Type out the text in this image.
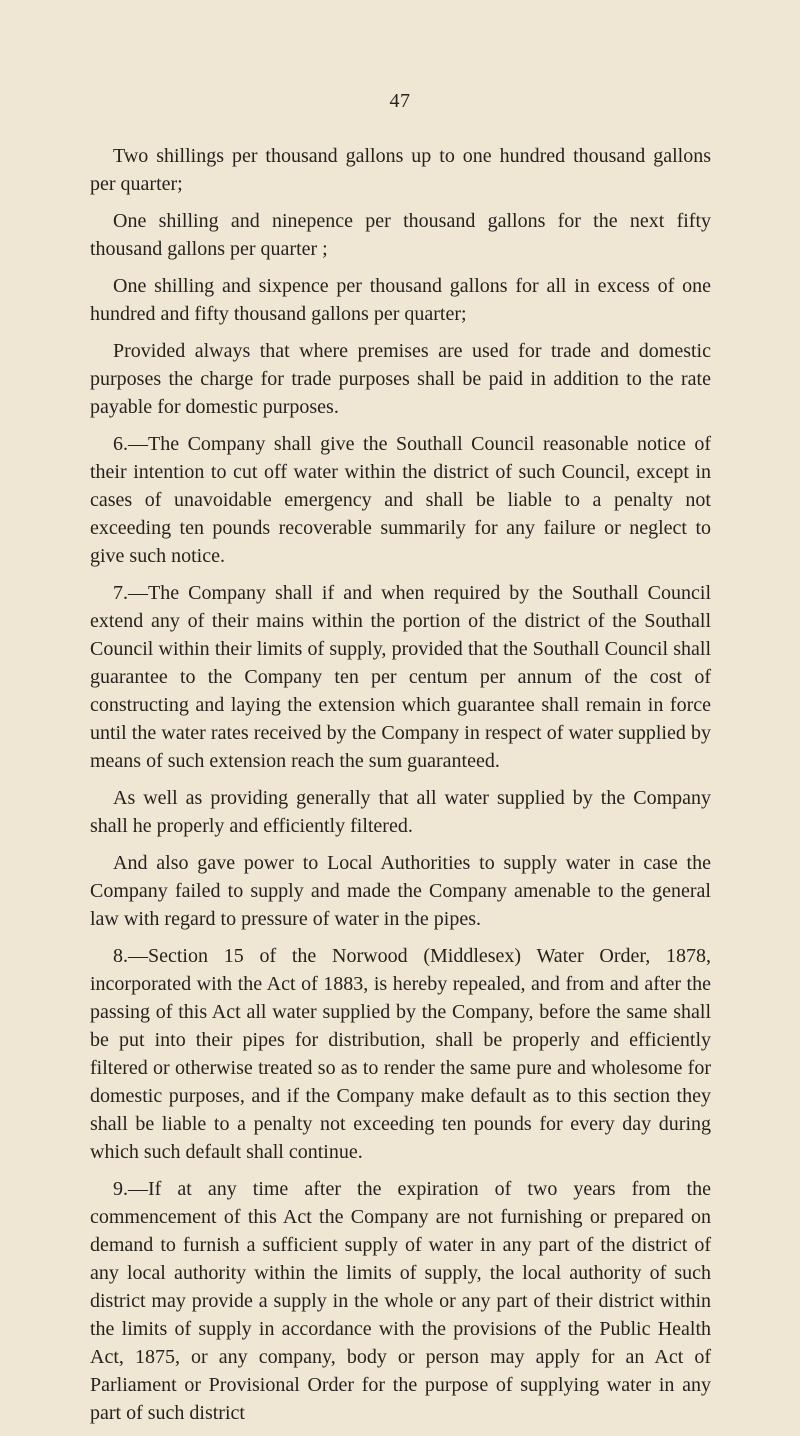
47

Two shillings per thousand gallons up to one hundred thousand gallons per quarter;

One shilling and ninepence per thousand gallons for the next fifty thousand gallons per quarter ;

One shilling and sixpence per thousand gallons for all in excess of one hundred and fifty thousand gallons per quarter;

Provided always that where premises are used for trade and domestic purposes the charge for trade purposes shall be paid in addition to the rate payable for domestic purposes.

6.—The Company shall give the Southall Council reasonable notice of their intention to cut off water within the district of such Council, except in cases of unavoidable emergency and shall be liable to a penalty not exceeding ten pounds recoverable summarily for any failure or neglect to give such notice.

7.—The Company shall if and when required by the Southall Council extend any of their mains within the portion of the district of the Southall Council within their limits of supply, provided that the Southall Council shall guarantee to the Company ten per centum per annum of the cost of constructing and laying the extension which guarantee shall remain in force until the water rates received by the Company in respect of water supplied by means of such extension reach the sum guaranteed.

As well as providing generally that all water supplied by the Company shall he properly and efficiently filtered.

And also gave power to Local Authorities to supply water in case the Company failed to supply and made the Company amenable to the general law with regard to pressure of water in the pipes.

8.—Section 15 of the Norwood (Middlesex) Water Order, 1878, incorporated with the Act of 1883, is hereby repealed, and from and after the passing of this Act all water supplied by the Company, before the same shall be put into their pipes for distribution, shall be properly and efficiently filtered or otherwise treated so as to render the same pure and wholesome for domestic purposes, and if the Company make default as to this section they shall be liable to a penalty not exceeding ten pounds for every day during which such default shall continue.

9.—If at any time after the expiration of two years from the commencement of this Act the Company are not furnishing or prepared on demand to furnish a sufficient supply of water in any part of the district of any local authority within the limits of supply, the local authority of such district may provide a supply in the whole or any part of their district within the limits of supply in accordance with the provisions of the Public Health Act, 1875, or any company, body or person may apply for an Act of Parliament or Provisional Order for the purpose of supplying water in any part of such district
